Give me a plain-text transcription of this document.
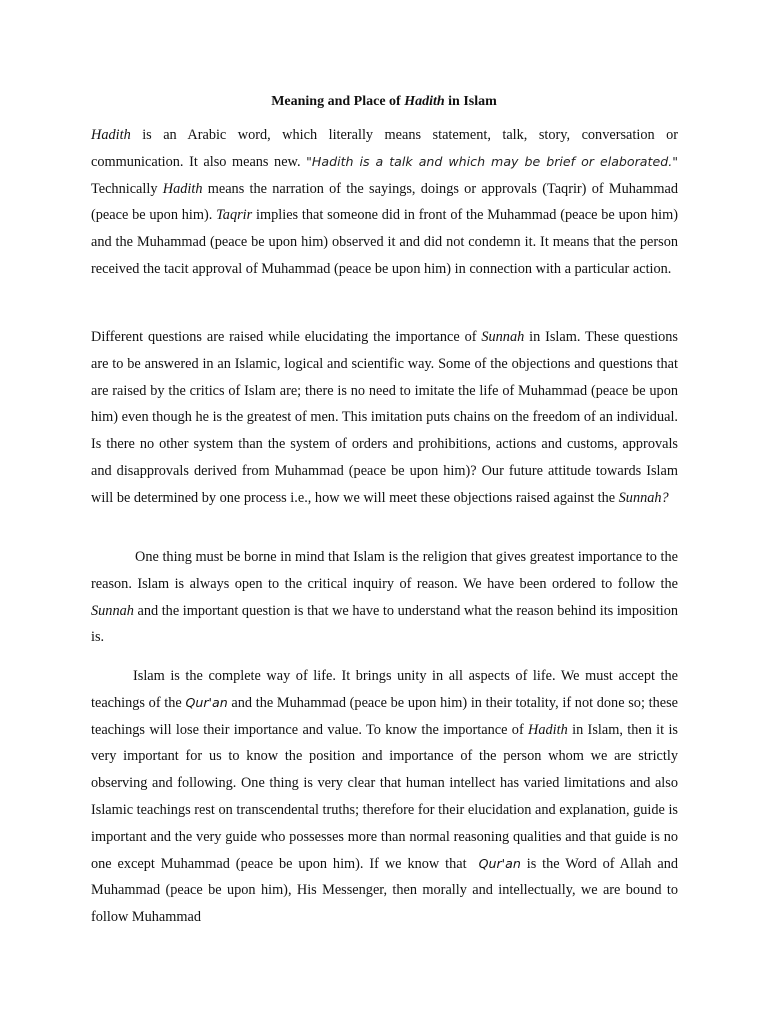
Meaning and Place of Hadith in Islam

Hadith is an Arabic word, which literally means statement, talk, story, conversation or communication. It also means new. "Hadith is a talk and which may be brief or elaborated." Technically Hadith means the narration of the sayings, doings or approvals (Taqrir) of Muhammad (peace be upon him). Taqrir implies that someone did in front of the Muhammad (peace be upon him) and the Muhammad (peace be upon him) observed it and did not condemn it. It means that the person received the tacit approval of Muhammad (peace be upon him) in connection with a particular action.

Different questions are raised while elucidating the importance of Sunnah in Islam. These questions are to be answered in an Islamic, logical and scientific way. Some of the objections and questions that are raised by the critics of Islam are; there is no need to imitate the life of Muhammad (peace be upon him) even though he is the greatest of men. This imitation puts chains on the freedom of an individual. Is there no other system than the system of orders and prohibitions, actions and customs, approvals and disapprovals derived from Muhammad (peace be upon him)? Our future attitude towards Islam will be determined by one process i.e., how we will meet these objections raised against the Sunnah?

One thing must be borne in mind that Islam is the religion that gives greatest importance to the reason. Islam is always open to the critical inquiry of reason. We have been ordered to follow the Sunnah and the important question is that we have to understand what the reason behind its imposition is.

Islam is the complete way of life. It brings unity in all aspects of life. We must accept the teachings of the Qur'an and the Muhammad (peace be upon him) in their totality, if not done so; these teachings will lose their importance and value. To know the importance of Hadith in Islam, then it is very important for us to know the position and importance of the person whom we are strictly observing and following. One thing is very clear that human intellect has varied limitations and also Islamic teachings rest on transcendental truths; therefore for their elucidation and explanation, guide is important and the very guide who possesses more than normal reasoning qualities and that guide is no one except Muhammad (peace be upon him). If we know that Qur'an is the Word of Allah and Muhammad (peace be upon him), His Messenger, then morally and intellectually, we are bound to follow Muhammad
